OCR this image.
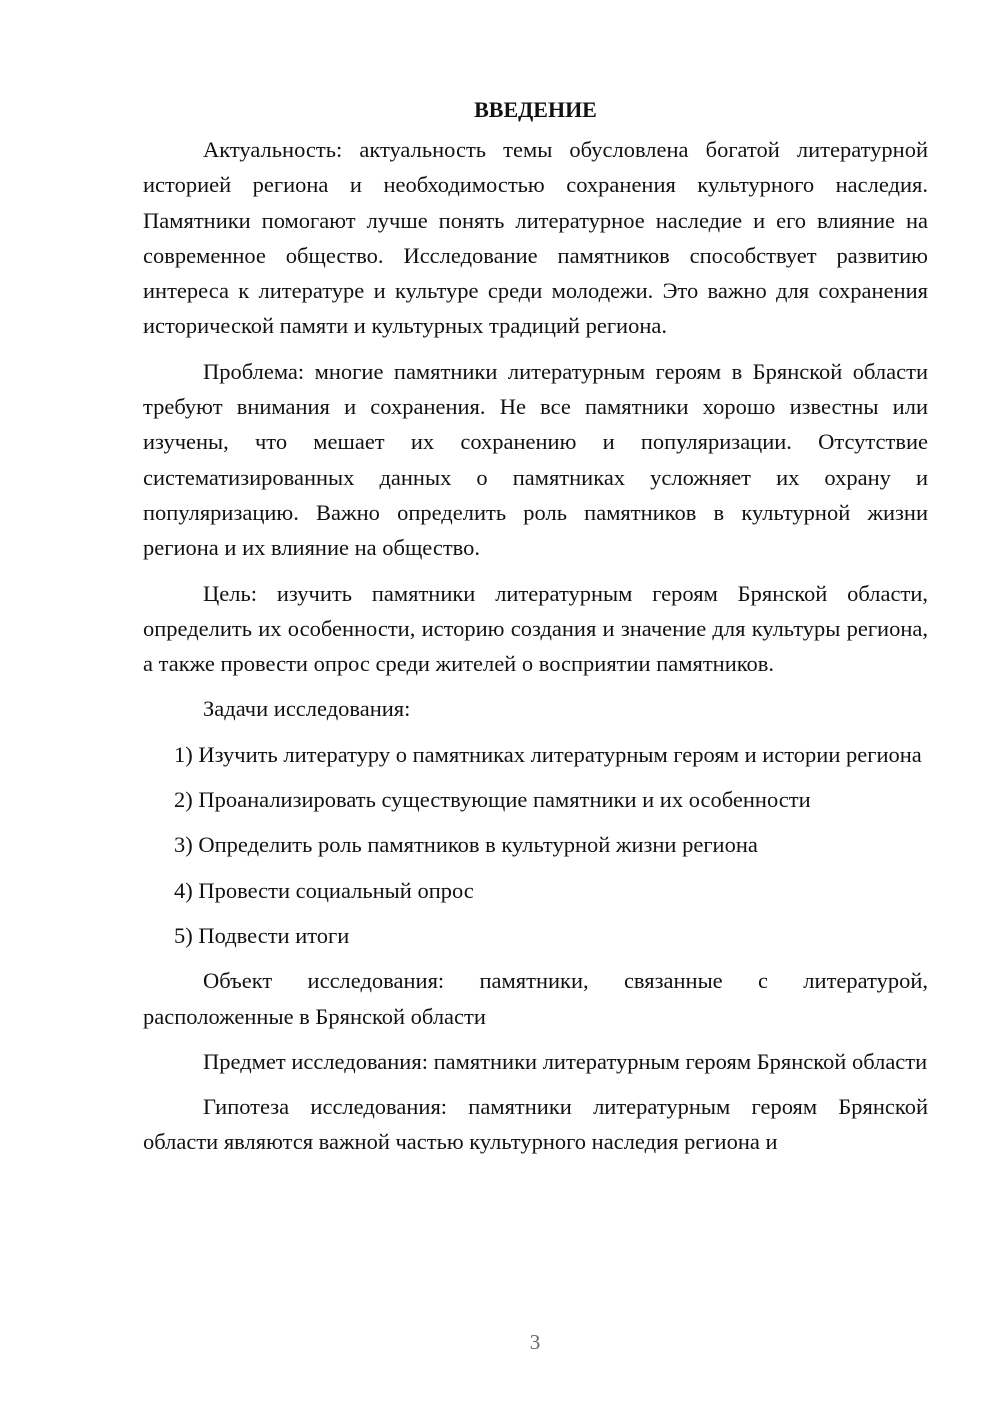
ВВЕДЕНИЕ

Актуальность: актуальность темы обусловлена богатой литературной историей региона и необходимостью сохранения культурного наследия. Памятники помогают лучше понять литературное наследие и его влияние на современное общество. Исследование памятников способствует развитию интереса к литературе и культуре среди молодежи. Это важно для сохранения исторической памяти и культурных традиций региона.

Проблема: многие памятники литературным героям в Брянской области требуют внимания и сохранения. Не все памятники хорошо известны или изучены, что мешает их сохранению и популяризации. Отсутствие систематизированных данных о памятниках усложняет их охрану и популяризацию. Важно определить роль памятников в культурной жизни региона и их влияние на общество.

Цель: изучить памятники литературным героям Брянской области, определить их особенности, историю создания и значение для культуры региона, а также провести опрос среди жителей о восприятии памятников.

Задачи исследования:

1) Изучить литературу о памятниках литературным героям и истории региона

2) Проанализировать существующие памятники и их особенности

3) Определить роль памятников в культурной жизни региона

4) Провести социальный опрос

5) Подвести итоги

Объект исследования: памятники, связанные с литературой, расположенные в Брянской области

Предмет исследования: памятники литературным героям Брянской области

Гипотеза исследования: памятники литературным героям Брянской области являются важной частью культурного наследия региона и

3
